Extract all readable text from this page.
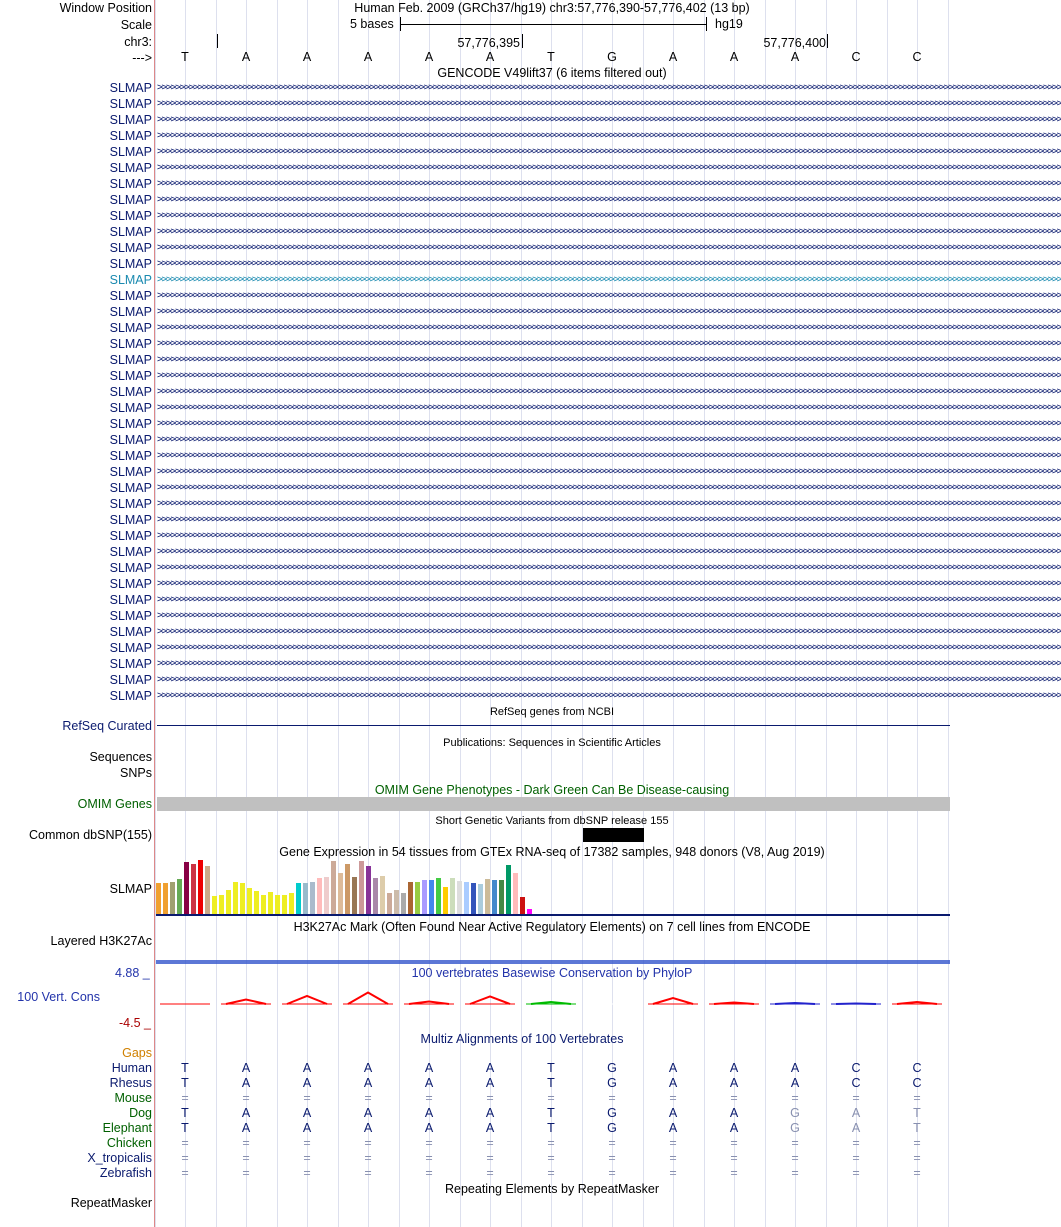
Window Position	Human Feb. 2009 (GRCh37/hg19) chr3:57,776,390-57,776,402 (13 bp)
Scale	5 bases	hg19
chr3:	57,776,395	57,776,400
---> T	A	A	A	A	A	T	G	A	A	A	C	C
GENCODE V49lift37 (6 items filtered out)
SLMAP >>>>>>>>>>>>>>>>>>>>>>>>>>>>>>>>>>>>>>>>>>>>>>>>>>>>>>>>>>>>>>>>>>>>>>>>>>>>>>>>>>>>>>>>>>>>>>>>>>>>>>>>>>>>>>>>>>>>>>>>>>>>>>>>>>>>>>>>>>>>>>>>>>>>>>>>>>>>>>>>>>>>>>>>>>>>>>>>>>>>>>>>>>>>>>>>>>>>>>>>
SLMAP >>>>>>>>>>>>>>>>>>>>>>>>>>>>>>>>>>>>>>>>>>>>>>>>>>>>>>>>>>>>>>>>>>>>>>>>>>>>>>>>>>>>>>>>>>>>>>>>>>>>>>>>>>>>>>>>>>>>>>>>>>>>>>>>>>>>>>>>>>>>>>>>>>>>>>>>>>>>>>>>>>>>>>>>>>>>>>>>>>>>>>>>>>>>>>>>>>>>>>>>
SLMAP >>>>>>>>>>>>>>>>>>>>>>>>>>>>>>>>>>>>>>>>>>>>>>>>>>>>>>>>>>>>>>>>>>>>>>>>>>>>>>>>>>>>>>>>>>>>>>>>>>>>>>>>>>>>>>>>>>>>>>>>>>>>>>>>>>>>>>>>>>>>>>>>>>>>>>>>>>>>>>>>>>>>>>>>>>>>>>>>>>>>>>>>>>>>>>>>>>>>>>>>
SLMAP >>>>>>>>>>>>>>>>>>>>>>>>>>>>>>>>>>>>>>>>>>>>>>>>>>>>>>>>>>>>>>>>>>>>>>>>>>>>>>>>>>>>>>>>>>>>>>>>>>>>>>>>>>>>>>>>>>>>>>>>>>>>>>>>>>>>>>>>>>>>>>>>>>>>>>>>>>>>>>>>>>>>>>>>>>>>>>>>>>>>>>>>>>>>>>>>>>>>>>>>
SLMAP >>>>>>>>>>>>>>>>>>>>>>>>>>>>>>>>>>>>>>>>>>>>>>>>>>>>>>>>>>>>>>>>>>>>>>>>>>>>>>>>>>>>>>>>>>>>>>>>>>>>>>>>>>>>>>>>>>>>>>>>>>>>>>>>>>>>>>>>>>>>>>>>>>>>>>>>>>>>>>>>>>>>>>>>>>>>>>>>>>>>>>>>>>>>>>>>>>>>>>>>
SLMAP >>>>>>>>>>>>>>>>>>>>>>>>>>>>>>>>>>>>>>>>>>>>>>>>>>>>>>>>>>>>>>>>>>>>>>>>>>>>>>>>>>>>>>>>>>>>>>>>>>>>>>>>>>>>>>>>>>>>>>>>>>>>>>>>>>>>>>>>>>>>>>>>>>>>>>>>>>>>>>>>>>>>>>>>>>>>>>>>>>>>>>>>>>>>>>>>>>>>>>>>
SLMAP >>>>>>>>>>>>>>>>>>>>>>>>>>>>>>>>>>>>>>>>>>>>>>>>>>>>>>>>>>>>>>>>>>>>>>>>>>>>>>>>>>>>>>>>>>>>>>>>>>>>>>>>>>>>>>>>>>>>>>>>>>>>>>>>>>>>>>>>>>>>>>>>>>>>>>>>>>>>>>>>>>>>>>>>>>>>>>>>>>>>>>>>>>>>>>>>>>>>>>>>
SLMAP >>>>>>>>>>>>>>>>>>>>>>>>>>>>>>>>>>>>>>>>>>>>>>>>>>>>>>>>>>>>>>>>>>>>>>>>>>>>>>>>>>>>>>>>>>>>>>>>>>>>>>>>>>>>>>>>>>>>>>>>>>>>>>>>>>>>>>>>>>>>>>>>>>>>>>>>>>>>>>>>>>>>>>>>>>>>>>>>>>>>>>>>>>>>>>>>>>>>>>>>
SLMAP >>>>>>>>>>>>>>>>>>>>>>>>>>>>>>>>>>>>>>>>>>>>>>>>>>>>>>>>>>>>>>>>>>>>>>>>>>>>>>>>>>>>>>>>>>>>>>>>>>>>>>>>>>>>>>>>>>>>>>>>>>>>>>>>>>>>>>>>>>>>>>>>>>>>>>>>>>>>>>>>>>>>>>>>>>>>>>>>>>>>>>>>>>>>>>>>>>>>>>>>
SLMAP >>>>>>>>>>>>>>>>>>>>>>>>>>>>>>>>>>>>>>>>>>>>>>>>>>>>>>>>>>>>>>>>>>>>>>>>>>>>>>>>>>>>>>>>>>>>>>>>>>>>>>>>>>>>>>>>>>>>>>>>>>>>>>>>>>>>>>>>>>>>>>>>>>>>>>>>>>>>>>>>>>>>>>>>>>>>>>>>>>>>>>>>>>>>>>>>>>>>>>>>
SLMAP >>>>>>>>>>>>>>>>>>>>>>>>>>>>>>>>>>>>>>>>>>>>>>>>>>>>>>>>>>>>>>>>>>>>>>>>>>>>>>>>>>>>>>>>>>>>>>>>>>>>>>>>>>>>>>>>>>>>>>>>>>>>>>>>>>>>>>>>>>>>>>>>>>>>>>>>>>>>>>>>>>>>>>>>>>>>>>>>>>>>>>>>>>>>>>>>>>>>>>>>
SLMAP >>>>>>>>>>>>>>>>>>>>>>>>>>>>>>>>>>>>>>>>>>>>>>>>>>>>>>>>>>>>>>>>>>>>>>>>>>>>>>>>>>>>>>>>>>>>>>>>>>>>>>>>>>>>>>>>>>>>>>>>>>>>>>>>>>>>>>>>>>>>>>>>>>>>>>>>>>>>>>>>>>>>>>>>>>>>>>>>>>>>>>>>>>>>>>>>>>>>>>>>
SLMAP >>>>>>>>>>>>>>>>>>>>>>>>>>>>>>>>>>>>>>>>>>>>>>>>>>>>>>>>>>>>>>>>>>>>>>>>>>>>>>>>>>>>>>>>>>>>>>>>>>>>>>>>>>>>>>>>>>>>>>>>>>>>>>>>>>>>>>>>>>>>>>>>>>>>>>>>>>>>>>>>>>>>>>>>>>>>>>>>>>>>>>>>>>>>>>>>>>>>>>>>
SLMAP >>>>>>>>>>>>>>>>>>>>>>>>>>>>>>>>>>>>>>>>>>>>>>>>>>>>>>>>>>>>>>>>>>>>>>>>>>>>>>>>>>>>>>>>>>>>>>>>>>>>>>>>>>>>>>>>>>>>>>>>>>>>>>>>>>>>>>>>>>>>>>>>>>>>>>>>>>>>>>>>>>>>>>>>>>>>>>>>>>>>>>>>>>>>>>>>>>>>>>>>
SLMAP >>>>>>>>>>>>>>>>>>>>>>>>>>>>>>>>>>>>>>>>>>>>>>>>>>>>>>>>>>>>>>>>>>>>>>>>>>>>>>>>>>>>>>>>>>>>>>>>>>>>>>>>>>>>>>>>>>>>>>>>>>>>>>>>>>>>>>>>>>>>>>>>>>>>>>>>>>>>>>>>>>>>>>>>>>>>>>>>>>>>>>>>>>>>>>>>>>>>>>>>
SLMAP >>>>>>>>>>>>>>>>>>>>>>>>>>>>>>>>>>>>>>>>>>>>>>>>>>>>>>>>>>>>>>>>>>>>>>>>>>>>>>>>>>>>>>>>>>>>>>>>>>>>>>>>>>>>>>>>>>>>>>>>>>>>>>>>>>>>>>>>>>>>>>>>>>>>>>>>>>>>>>>>>>>>>>>>>>>>>>>>>>>>>>>>>>>>>>>>>>>>>>>>
SLMAP >>>>>>>>>>>>>>>>>>>>>>>>>>>>>>>>>>>>>>>>>>>>>>>>>>>>>>>>>>>>>>>>>>>>>>>>>>>>>>>>>>>>>>>>>>>>>>>>>>>>>>>>>>>>>>>>>>>>>>>>>>>>>>>>>>>>>>>>>>>>>>>>>>>>>>>>>>>>>>>>>>>>>>>>>>>>>>>>>>>>>>>>>>>>>>>>>>>>>>>>
SLMAP >>>>>>>>>>>>>>>>>>>>>>>>>>>>>>>>>>>>>>>>>>>>>>>>>>>>>>>>>>>>>>>>>>>>>>>>>>>>>>>>>>>>>>>>>>>>>>>>>>>>>>>>>>>>>>>>>>>>>>>>>>>>>>>>>>>>>>>>>>>>>>>>>>>>>>>>>>>>>>>>>>>>>>>>>>>>>>>>>>>>>>>>>>>>>>>>>>>>>>>>
SLMAP >>>>>>>>>>>>>>>>>>>>>>>>>>>>>>>>>>>>>>>>>>>>>>>>>>>>>>>>>>>>>>>>>>>>>>>>>>>>>>>>>>>>>>>>>>>>>>>>>>>>>>>>>>>>>>>>>>>>>>>>>>>>>>>>>>>>>>>>>>>>>>>>>>>>>>>>>>>>>>>>>>>>>>>>>>>>>>>>>>>>>>>>>>>>>>>>>>>>>>>>
SLMAP >>>>>>>>>>>>>>>>>>>>>>>>>>>>>>>>>>>>>>>>>>>>>>>>>>>>>>>>>>>>>>>>>>>>>>>>>>>>>>>>>>>>>>>>>>>>>>>>>>>>>>>>>>>>>>>>>>>>>>>>>>>>>>>>>>>>>>>>>>>>>>>>>>>>>>>>>>>>>>>>>>>>>>>>>>>>>>>>>>>>>>>>>>>>>>>>>>>>>>>>
SLMAP >>>>>>>>>>>>>>>>>>>>>>>>>>>>>>>>>>>>>>>>>>>>>>>>>>>>>>>>>>>>>>>>>>>>>>>>>>>>>>>>>>>>>>>>>>>>>>>>>>>>>>>>>>>>>>>>>>>>>>>>>>>>>>>>>>>>>>>>>>>>>>>>>>>>>>>>>>>>>>>>>>>>>>>>>>>>>>>>>>>>>>>>>>>>>>>>>>>>>>>>
SLMAP >>>>>>>>>>>>>>>>>>>>>>>>>>>>>>>>>>>>>>>>>>>>>>>>>>>>>>>>>>>>>>>>>>>>>>>>>>>>>>>>>>>>>>>>>>>>>>>>>>>>>>>>>>>>>>>>>>>>>>>>>>>>>>>>>>>>>>>>>>>>>>>>>>>>>>>>>>>>>>>>>>>>>>>>>>>>>>>>>>>>>>>>>>>>>>>>>>>>>>>>
SLMAP >>>>>>>>>>>>>>>>>>>>>>>>>>>>>>>>>>>>>>>>>>>>>>>>>>>>>>>>>>>>>>>>>>>>>>>>>>>>>>>>>>>>>>>>>>>>>>>>>>>>>>>>>>>>>>>>>>>>>>>>>>>>>>>>>>>>>>>>>>>>>>>>>>>>>>>>>>>>>>>>>>>>>>>>>>>>>>>>>>>>>>>>>>>>>>>>>>>>>>>>
SLMAP >>>>>>>>>>>>>>>>>>>>>>>>>>>>>>>>>>>>>>>>>>>>>>>>>>>>>>>>>>>>>>>>>>>>>>>>>>>>>>>>>>>>>>>>>>>>>>>>>>>>>>>>>>>>>>>>>>>>>>>>>>>>>>>>>>>>>>>>>>>>>>>>>>>>>>>>>>>>>>>>>>>>>>>>>>>>>>>>>>>>>>>>>>>>>>>>>>>>>>>>
SLMAP >>>>>>>>>>>>>>>>>>>>>>>>>>>>>>>>>>>>>>>>>>>>>>>>>>>>>>>>>>>>>>>>>>>>>>>>>>>>>>>>>>>>>>>>>>>>>>>>>>>>>>>>>>>>>>>>>>>>>>>>>>>>>>>>>>>>>>>>>>>>>>>>>>>>>>>>>>>>>>>>>>>>>>>>>>>>>>>>>>>>>>>>>>>>>>>>>>>>>>>>
SLMAP >>>>>>>>>>>>>>>>>>>>>>>>>>>>>>>>>>>>>>>>>>>>>>>>>>>>>>>>>>>>>>>>>>>>>>>>>>>>>>>>>>>>>>>>>>>>>>>>>>>>>>>>>>>>>>>>>>>>>>>>>>>>>>>>>>>>>>>>>>>>>>>>>>>>>>>>>>>>>>>>>>>>>>>>>>>>>>>>>>>>>>>>>>>>>>>>>>>>>>>>
SLMAP >>>>>>>>>>>>>>>>>>>>>>>>>>>>>>>>>>>>>>>>>>>>>>>>>>>>>>>>>>>>>>>>>>>>>>>>>>>>>>>>>>>>>>>>>>>>>>>>>>>>>>>>>>>>>>>>>>>>>>>>>>>>>>>>>>>>>>>>>>>>>>>>>>>>>>>>>>>>>>>>>>>>>>>>>>>>>>>>>>>>>>>>>>>>>>>>>>>>>>>>
SLMAP >>>>>>>>>>>>>>>>>>>>>>>>>>>>>>>>>>>>>>>>>>>>>>>>>>>>>>>>>>>>>>>>>>>>>>>>>>>>>>>>>>>>>>>>>>>>>>>>>>>>>>>>>>>>>>>>>>>>>>>>>>>>>>>>>>>>>>>>>>>>>>>>>>>>>>>>>>>>>>>>>>>>>>>>>>>>>>>>>>>>>>>>>>>>>>>>>>>>>>>>
SLMAP >>>>>>>>>>>>>>>>>>>>>>>>>>>>>>>>>>>>>>>>>>>>>>>>>>>>>>>>>>>>>>>>>>>>>>>>>>>>>>>>>>>>>>>>>>>>>>>>>>>>>>>>>>>>>>>>>>>>>>>>>>>>>>>>>>>>>>>>>>>>>>>>>>>>>>>>>>>>>>>>>>>>>>>>>>>>>>>>>>>>>>>>>>>>>>>>>>>>>>>>
SLMAP >>>>>>>>>>>>>>>>>>>>>>>>>>>>>>>>>>>>>>>>>>>>>>>>>>>>>>>>>>>>>>>>>>>>>>>>>>>>>>>>>>>>>>>>>>>>>>>>>>>>>>>>>>>>>>>>>>>>>>>>>>>>>>>>>>>>>>>>>>>>>>>>>>>>>>>>>>>>>>>>>>>>>>>>>>>>>>>>>>>>>>>>>>>>>>>>>>>>>>>>
SLMAP >>>>>>>>>>>>>>>>>>>>>>>>>>>>>>>>>>>>>>>>>>>>>>>>>>>>>>>>>>>>>>>>>>>>>>>>>>>>>>>>>>>>>>>>>>>>>>>>>>>>>>>>>>>>>>>>>>>>>>>>>>>>>>>>>>>>>>>>>>>>>>>>>>>>>>>>>>>>>>>>>>>>>>>>>>>>>>>>>>>>>>>>>>>>>>>>>>>>>>>>
SLMAP >>>>>>>>>>>>>>>>>>>>>>>>>>>>>>>>>>>>>>>>>>>>>>>>>>>>>>>>>>>>>>>>>>>>>>>>>>>>>>>>>>>>>>>>>>>>>>>>>>>>>>>>>>>>>>>>>>>>>>>>>>>>>>>>>>>>>>>>>>>>>>>>>>>>>>>>>>>>>>>>>>>>>>>>>>>>>>>>>>>>>>>>>>>>>>>>>>>>>>>>
SLMAP >>>>>>>>>>>>>>>>>>>>>>>>>>>>>>>>>>>>>>>>>>>>>>>>>>>>>>>>>>>>>>>>>>>>>>>>>>>>>>>>>>>>>>>>>>>>>>>>>>>>>>>>>>>>>>>>>>>>>>>>>>>>>>>>>>>>>>>>>>>>>>>>>>>>>>>>>>>>>>>>>>>>>>>>>>>>>>>>>>>>>>>>>>>>>>>>>>>>>>>>
SLMAP >>>>>>>>>>>>>>>>>>>>>>>>>>>>>>>>>>>>>>>>>>>>>>>>>>>>>>>>>>>>>>>>>>>>>>>>>>>>>>>>>>>>>>>>>>>>>>>>>>>>>>>>>>>>>>>>>>>>>>>>>>>>>>>>>>>>>>>>>>>>>>>>>>>>>>>>>>>>>>>>>>>>>>>>>>>>>>>>>>>>>>>>>>>>>>>>>>>>>>>>
SLMAP >>>>>>>>>>>>>>>>>>>>>>>>>>>>>>>>>>>>>>>>>>>>>>>>>>>>>>>>>>>>>>>>>>>>>>>>>>>>>>>>>>>>>>>>>>>>>>>>>>>>>>>>>>>>>>>>>>>>>>>>>>>>>>>>>>>>>>>>>>>>>>>>>>>>>>>>>>>>>>>>>>>>>>>>>>>>>>>>>>>>>>>>>>>>>>>>>>>>>>>>
SLMAP >>>>>>>>>>>>>>>>>>>>>>>>>>>>>>>>>>>>>>>>>>>>>>>>>>>>>>>>>>>>>>>>>>>>>>>>>>>>>>>>>>>>>>>>>>>>>>>>>>>>>>>>>>>>>>>>>>>>>>>>>>>>>>>>>>>>>>>>>>>>>>>>>>>>>>>>>>>>>>>>>>>>>>>>>>>>>>>>>>>>>>>>>>>>>>>>>>>>>>>>
SLMAP >>>>>>>>>>>>>>>>>>>>>>>>>>>>>>>>>>>>>>>>>>>>>>>>>>>>>>>>>>>>>>>>>>>>>>>>>>>>>>>>>>>>>>>>>>>>>>>>>>>>>>>>>>>>>>>>>>>>>>>>>>>>>>>>>>>>>>>>>>>>>>>>>>>>>>>>>>>>>>>>>>>>>>>>>>>>>>>>>>>>>>>>>>>>>>>>>>>>>>>>
SLMAP >>>>>>>>>>>>>>>>>>>>>>>>>>>>>>>>>>>>>>>>>>>>>>>>>>>>>>>>>>>>>>>>>>>>>>>>>>>>>>>>>>>>>>>>>>>>>>>>>>>>>>>>>>>>>>>>>>>>>>>>>>>>>>>>>>>>>>>>>>>>>>>>>>>>>>>>>>>>>>>>>>>>>>>>>>>>>>>>>>>>>>>>>>>>>>>>>>>>>>>>
SLMAP >>>>>>>>>>>>>>>>>>>>>>>>>>>>>>>>>>>>>>>>>>>>>>>>>>>>>>>>>>>>>>>>>>>>>>>>>>>>>>>>>>>>>>>>>>>>>>>>>>>>>>>>>>>>>>>>>>>>>>>>>>>>>>>>>>>>>>>>>>>>>>>>>>>>>>>>>>>>>>>>>>>>>>>>>>>>>>>>>>>>>>>>>>>>>>>>>>>>>>>>
RefSeq genes from NCBI
RefSeq Curated
Publications: Sequences in Scientific Articles
Sequences
SNPs
OMIM Gene Phenotypes - Dark Green Can Be Disease-causing
OMIM Genes
Short Genetic Variants from dbSNP release 155
Common dbSNP(155)
Gene Expression in 54 tissues from GTEx RNA-seq of 17382 samples, 948 donors (V8, Aug 2019)
SLMAP
H3K27Ac Mark (Often Found Near Active Regulatory Elements) on 7 cell lines from ENCODE
Layered H3K27Ac
4.88 _	100 vertebrates Basewise Conservation by PhyloP
100 Vert. Cons
-4.5 _
Multiz Alignments of 100 Vertebrates
Gaps
Human T	A	A	A	A	A	T	G	A	A	A	C	C
Rhesus T	A	A	A	A	A	T	G	A	A	A	C	C
Mouse =	=	=	=	=	=	=	=	=	=	=	=	=
Dog T	A	A	A	A	A	T	G	A	A	G	A	T
Elephant T	A	A	A	A	A	T	G	A	A	G	A	T
Chicken =	=	=	=	=	=	=	=	=	=	=	=	=
X_tropicalis =	=	=	=	=	=	=	=	=	=	=	=	=
Zebrafish =	=	=	=	=	=	=	=	=	=	=	=	=
Repeating Elements by RepeatMasker
RepeatMasker
